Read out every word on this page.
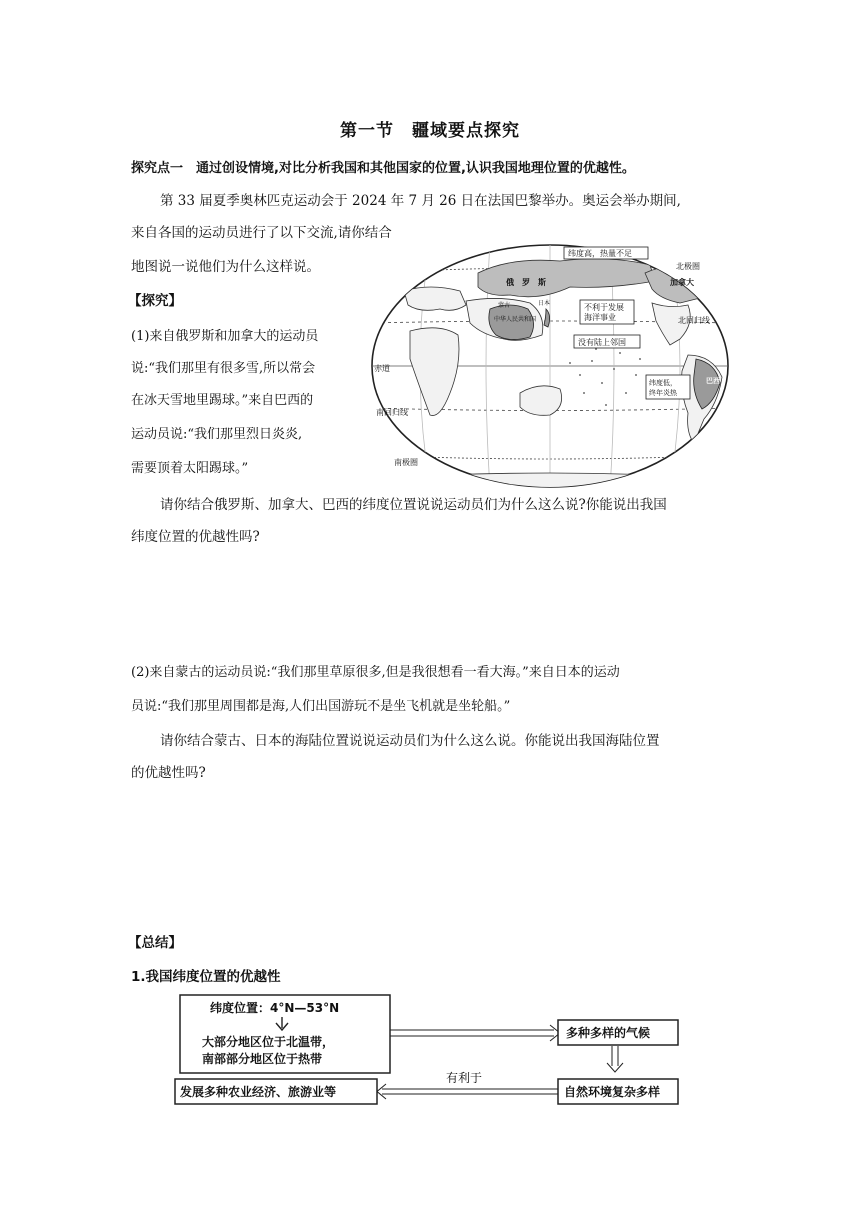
第一节　疆域要点探究
探究点一　通过创设情境,对比分析我国和其他国家的位置,认识我国地理位置的优越性。
第 33 届夏季奥林匹克运动会于 2024 年 7 月 26 日在法国巴黎举办。奥运会举办期间,
来自各国的运动员进行了以下交流,请你结合
地图说一说他们为什么这样说。
【探究】
(1)来自俄罗斯和加拿大的运动员
说:“我们那里有很多雪,所以常会
在冰天雪地里踢球。”来自巴西的
运动员说:“我们那里烈日炎炎,
需要顶着太阳踢球。”
纬度高，热量不足
俄　罗　斯	加拿大
蒙古
中华人民共和国
日本	不利于发展
海洋事业
没有陆上邻国
北极圈
北回归线
赤道
南回归线
南极圈
纬度低，
终年炎热
巴西
请你结合俄罗斯、加拿大、巴西的纬度位置说说运动员们为什么这么说?你能说出我国
纬度位置的优越性吗?
(2)来自蒙古的运动员说:“我们那里草原很多,但是我很想看一看大海。”来自日本的运动
员说:“我们那里周围都是海,人们出国游玩不是坐飞机就是坐轮船。”
请你结合蒙古、日本的海陆位置说说运动员们为什么这么说。你能说出我国海陆位置
的优越性吗?
【总结】
1.我国纬度位置的优越性
纬度位置：4°N—53°N
大部分地区位于北温带，
南部部分地区位于热带
多种多样的气候
自然环境复杂多样
有利于
发展多种农业经济、旅游业等
